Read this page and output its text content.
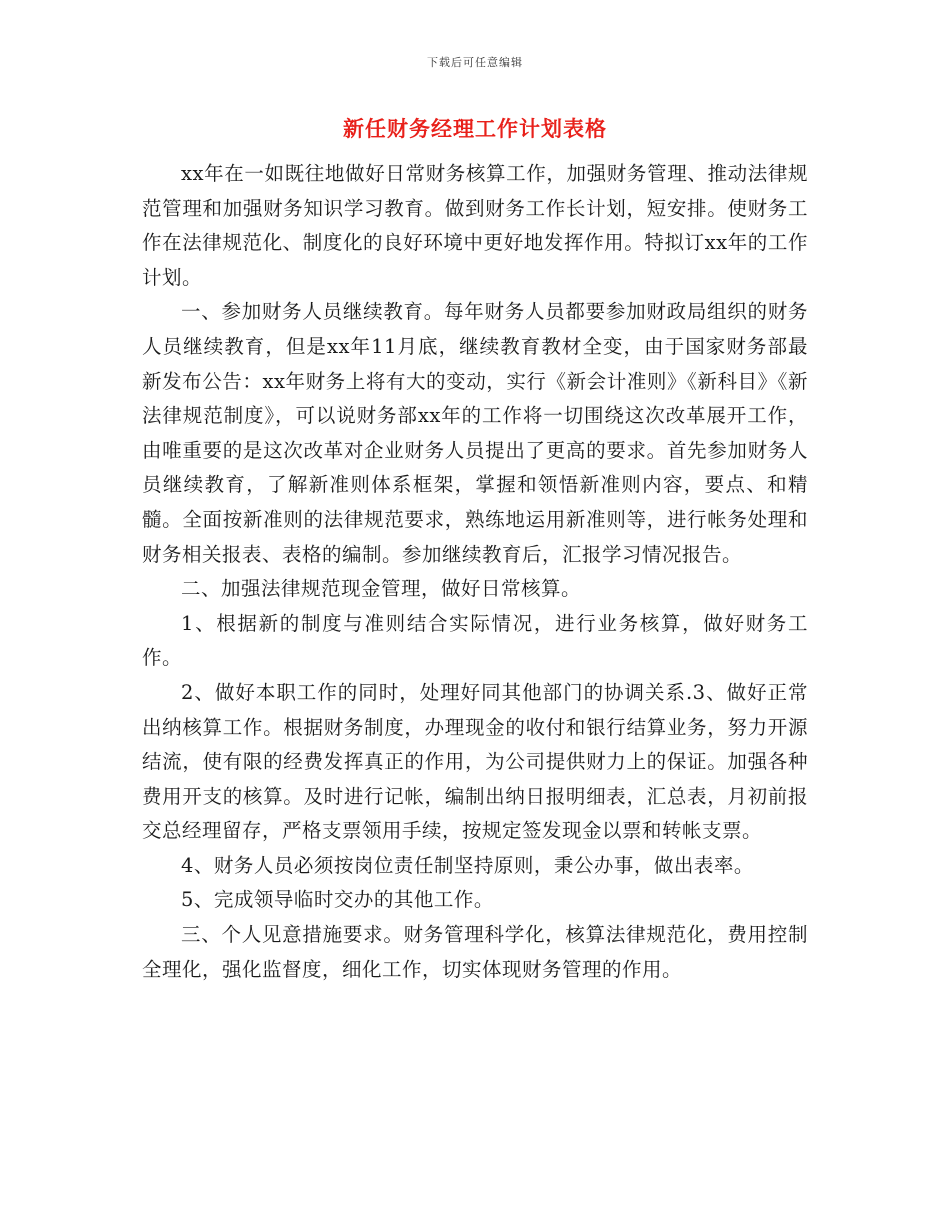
下载后可任意编辑
新任财务经理工作计划表格

xx年在一如既往地做好日常财务核算工作，加强财务管理、推动法律规范管理和加强财务知识学习教育。做到财务工作长计划，短安排。使财务工作在法律规范化、制度化的良好环境中更好地发挥作用。特拟订xx年的工作计划。

一、参加财务人员继续教育。每年财务人员都要参加财政局组织的财务人员继续教育，但是xx年11月底，继续教育教材全变，由于国家财务部最新发布公告：xx年财务上将有大的变动，实行《新会计准则》《新科目》《新法律规范制度》，可以说财务部xx年的工作将一切围绕这次改革展开工作，由唯重要的是这次改革对企业财务人员提出了更高的要求。首先参加财务人员继续教育，了解新准则体系框架，掌握和领悟新准则内容，要点、和精髓。全面按新准则的法律规范要求，熟练地运用新准则等，进行帐务处理和财务相关报表、表格的编制。参加继续教育后，汇报学习情况报告。

二、加强法律规范现金管理，做好日常核算。

1、根据新的制度与准则结合实际情况，进行业务核算，做好财务工作。

2、做好本职工作的同时，处理好同其他部门的协调关系.3、做好正常出纳核算工作。根据财务制度，办理现金的收付和银行结算业务，努力开源结流，使有限的经费发挥真正的作用，为公司提供财力上的保证。加强各种费用开支的核算。及时进行记帐，编制出纳日报明细表，汇总表，月初前报交总经理留存，严格支票领用手续，按规定签发现金以票和转帐支票。

4、财务人员必须按岗位责任制坚持原则，秉公办事，做出表率。

5、完成领导临时交办的其他工作。

三、个人见意措施要求。财务管理科学化，核算法律规范化，费用控制全理化，强化监督度，细化工作，切实体现财务管理的作用。
